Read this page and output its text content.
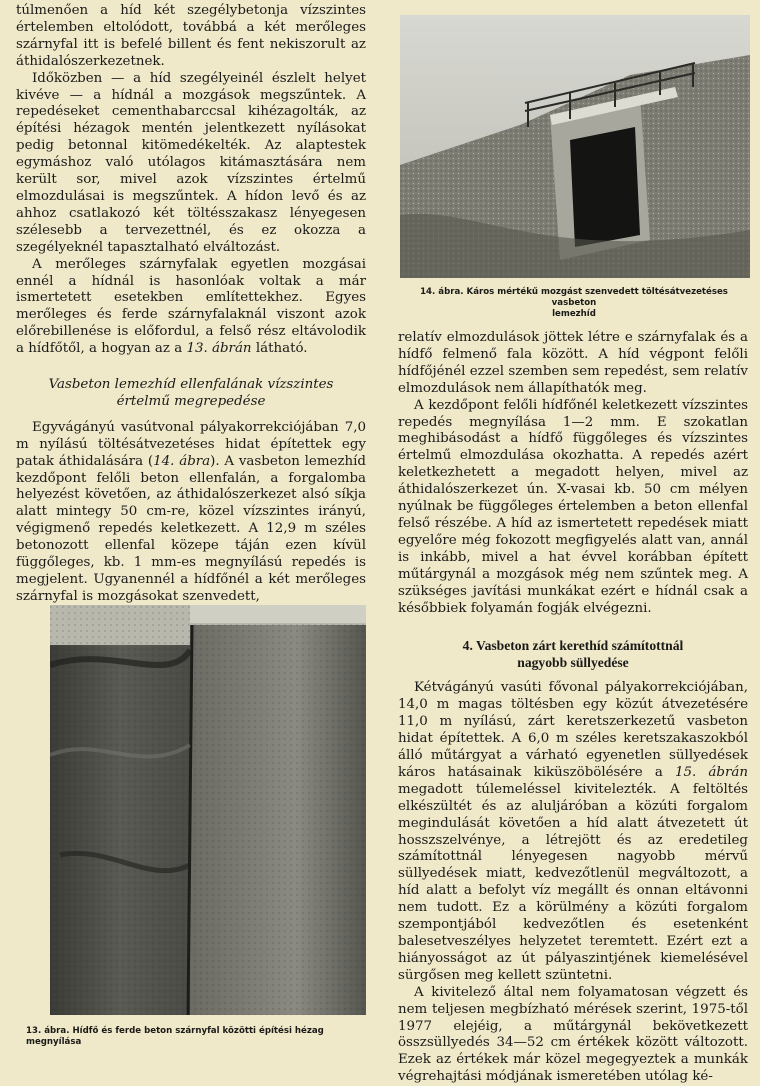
túlmenően a híd két szegélybetonja vízszintes értelemben eltolódott, továbbá a két merőleges szárnyfal itt is befelé billent és fent nekiszorult az áthidalószerkezetnek.

Időközben — a híd szegélyeinél észlelt helyet kivéve — a hídnál a mozgások megszűntek. A repedéseket cementhabarccsal kihézagolták, az építési hézagok mentén jelentkezett nyílásokat pedig betonnal kitömedékelték. Az alaptestek egymáshoz való utólagos kitámasztására nem került sor, mivel azok vízszintes értelmű elmozdulásai is megszűntek. A hídon levő és az ahhoz csatlakozó két töltésszakasz lényegesen szélesebb a tervezettnél, és ez okozza a szegélyeknél tapasztalható elváltozást.

A merőleges szárnyfalak egyetlen mozgásai ennél a hídnál is hasonlóak voltak a már ismertetett esetekben említettekhez. Egyes merőleges és ferde szárnyfalaknál viszont azok előrebillenése is előfordul, a felső rész eltávolodik a hídfőtől, a hogyan az a 13. ábrán látható.

Vasbeton lemezhíd ellenfalának vízszintes
értelmű megrepedése

Egyvágányú vasútvonal pályakorrekciójában 7,0 m nyílású töltésátvezetéses hidat építettek egy patak áthidalására (14. ábra). A vasbeton lemezhíd kezdőpont felőli beton ellenfalán, a forgalomba helyezést követően, az áthidalószerkezet alsó síkja alatt mintegy 50 cm-re, közel vízszintes irányú, végigmenő repedés keletkezett. A 12,9 m széles betonozott ellenfal közepe táján ezen kívül függőleges, kb. 1 mm-es megnyílású repedés is megjelent. Ugyanennél a hídfőnél a két merőleges szárnyfal is mozgásokat szenvedett,

13. ábra. Hídfő és ferde beton szárnyfal közötti építési hézag megnyílása
14. ábra. Káros mértékű mozgást szenvedett töltésátvezetéses vasbeton
lemezhíd

relatív elmozdulások jöttek létre e szárnyfalak és a hídfő felmenő fala között. A híd végpont felőli hídfőjénél ezzel szemben sem repedést, sem relatív elmozdulások nem állapíthatók meg.

A kezdőpont felőli hídfőnél keletkezett vízszintes repedés megnyílása 1—2 mm. E szokatlan meghibásodást a hídfő függőleges és vízszintes értelmű elmozdulása okozhatta. A repedés azért keletkezhetett a megadott helyen, mivel az áthidalószerkezet ún. X-vasai kb. 50 cm mélyen nyúlnak be függőleges értelemben a beton ellenfal felső részébe. A híd az ismertetett repedések miatt egyelőre még fokozott megfigyelés alatt van, annál is inkább, mivel a hat évvel korábban épített műtárgynál a mozgások még nem szűntek meg. A szükséges javítási munkákat ezért e hídnál csak a későbbiek folyamán fogják elvégezni.

4. Vasbeton zárt kerethíd számítottnál
nagyobb süllyedése

Kétvágányú vasúti fővonal pályakorrekciójában, 14,0 m magas töltésben egy közút átvezetésére 11,0 m nyílású, zárt keretszerkezetű vasbeton hidat építettek. A 6,0 m széles keretszakaszokból álló műtárgyat a várható egyenetlen süllyedések káros hatásainak kiküszöbölésére a 15. ábrán megadott túlemeléssel kivitelezték. A feltöltés elkészültét és az aluljáróban a közúti forgalom megindulását követően a híd alatt átvezetett út hosszszelvénye, a létrejött és az eredetileg számítottnál lényegesen nagyobb mérvű süllyedések miatt, kedvezőtlenül megváltozott, a híd alatt a befolyt víz megállt és onnan eltávonni nem tudott. Ez a körülmény a közúti forgalom szempontjából kedvezőtlen és esetenként balesetveszélyes helyzetet teremtett. Ezért ezt a hiányosságot az út pályaszintjének kiemelésével sürgősen meg kellett szüntetni.

A kivitelező által nem folyamatosan végzett és nem teljesen megbízható mérések szerint, 1975-től 1977 elejéig, a műtárgynál bekövetkezett összsüllyedés 34—52 cm értékek között változott. Ezek az értékek már közel megegyeztek a munkák végrehajtási módjának ismeretében utólag ké-
